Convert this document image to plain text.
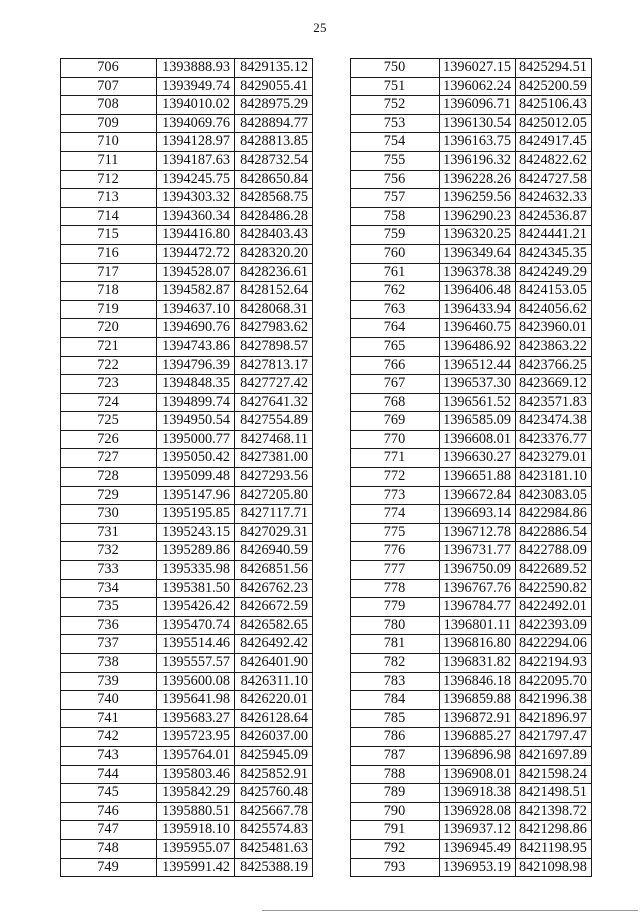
25
706	1393888.93	8429135.12
707	1393949.74	8429055.41
708	1394010.02	8428975.29
709	1394069.76	8428894.77
710	1394128.97	8428813.85
711	1394187.63	8428732.54
712	1394245.75	8428650.84
713	1394303.32	8428568.75
714	1394360.34	8428486.28
715	1394416.80	8428403.43
716	1394472.72	8428320.20
717	1394528.07	8428236.61
718	1394582.87	8428152.64
719	1394637.10	8428068.31
720	1394690.76	8427983.62
721	1394743.86	8427898.57
722	1394796.39	8427813.17
723	1394848.35	8427727.42
724	1394899.74	8427641.32
725	1394950.54	8427554.89
726	1395000.77	8427468.11
727	1395050.42	8427381.00
728	1395099.48	8427293.56
729	1395147.96	8427205.80
730	1395195.85	8427117.71
731	1395243.15	8427029.31
732	1395289.86	8426940.59
733	1395335.98	8426851.56
734	1395381.50	8426762.23
735	1395426.42	8426672.59
736	1395470.74	8426582.65
737	1395514.46	8426492.42
738	1395557.57	8426401.90
739	1395600.08	8426311.10
740	1395641.98	8426220.01
741	1395683.27	8426128.64
742	1395723.95	8426037.00
743	1395764.01	8425945.09
744	1395803.46	8425852.91
745	1395842.29	8425760.48
746	1395880.51	8425667.78
747	1395918.10	8425574.83
748	1395955.07	8425481.63
749	1395991.42	8425388.19
750	1396027.15	8425294.51
751	1396062.24	8425200.59
752	1396096.71	8425106.43
753	1396130.54	8425012.05
754	1396163.75	8424917.45
755	1396196.32	8424822.62
756	1396228.26	8424727.58
757	1396259.56	8424632.33
758	1396290.23	8424536.87
759	1396320.25	8424441.21
760	1396349.64	8424345.35
761	1396378.38	8424249.29
762	1396406.48	8424153.05
763	1396433.94	8424056.62
764	1396460.75	8423960.01
765	1396486.92	8423863.22
766	1396512.44	8423766.25
767	1396537.30	8423669.12
768	1396561.52	8423571.83
769	1396585.09	8423474.38
770	1396608.01	8423376.77
771	1396630.27	8423279.01
772	1396651.88	8423181.10
773	1396672.84	8423083.05
774	1396693.14	8422984.86
775	1396712.78	8422886.54
776	1396731.77	8422788.09
777	1396750.09	8422689.52
778	1396767.76	8422590.82
779	1396784.77	8422492.01
780	1396801.11	8422393.09
781	1396816.80	8422294.06
782	1396831.82	8422194.93
783	1396846.18	8422095.70
784	1396859.88	8421996.38
785	1396872.91	8421896.97
786	1396885.27	8421797.47
787	1396896.98	8421697.89
788	1396908.01	8421598.24
789	1396918.38	8421498.51
790	1396928.08	8421398.72
791	1396937.12	8421298.86
792	1396945.49	8421198.95
793	1396953.19	8421098.98
